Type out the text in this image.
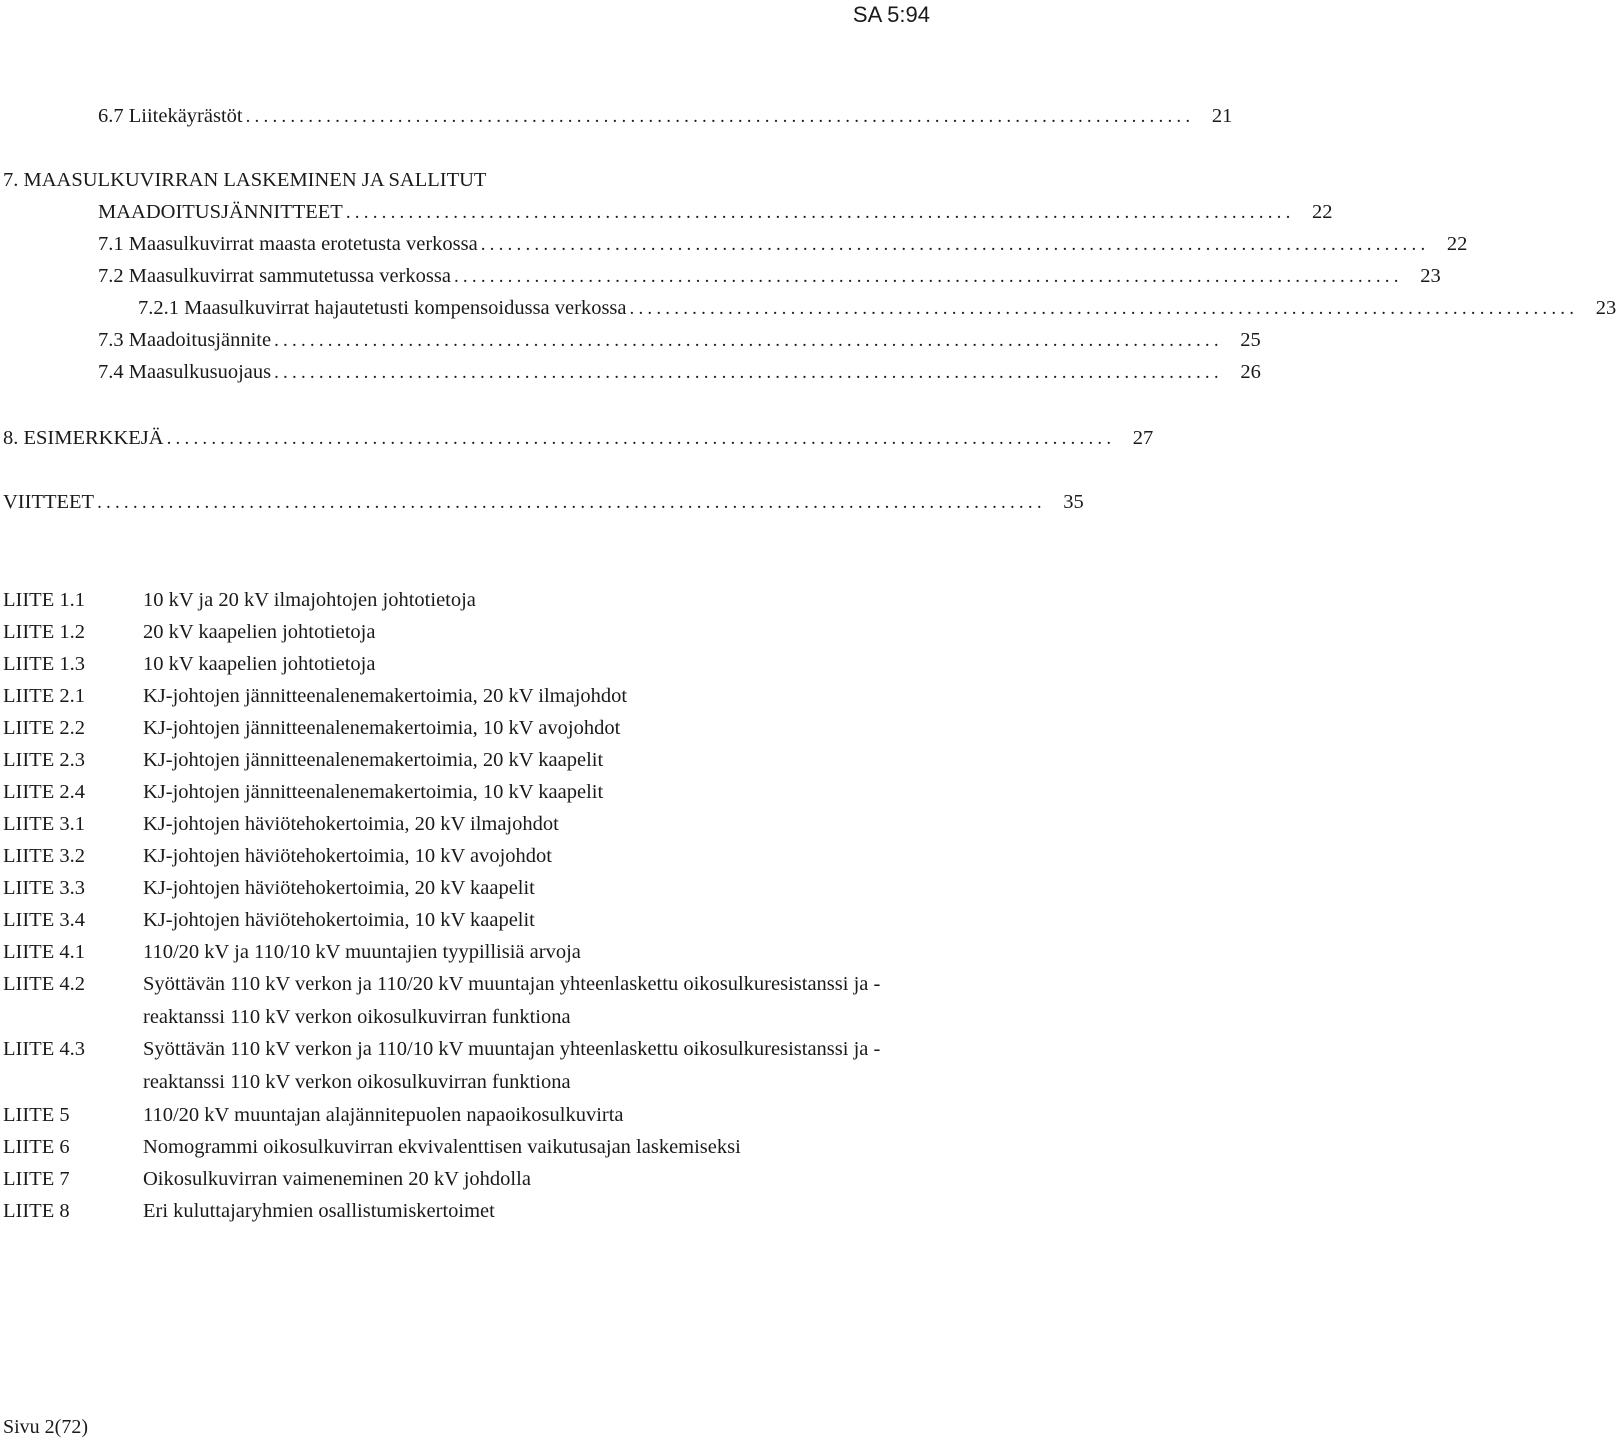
SA 5:94
6.7 Liitekäyrästöt .......................................................................................................... 21
7. MAASULKUVIRRAN LASKEMINEN JA SALLITUT
MAADOITUSJÄNNITTEET .......................................................................................................... 22
7.1 Maasulkuvirrat maasta erotetusta verkossa .......................................................................................................... 22
7.2 Maasulkuvirrat sammutetussa verkossa .......................................................................................................... 23
7.2.1 Maasulkuvirrat hajautetusti kompensoidussa verkossa .......................................................................................................... 23
7.3 Maadoitusjännite .......................................................................................................... 25
7.4 Maasulkusuojaus .......................................................................................................... 26
8. ESIMERKKEJÄ .......................................................................................................... 27
VIITTEET .......................................................................................................... 35
LIITE 1.1	10 kV ja 20 kV ilmajohtojen johtotietoja
LIITE 1.2	20 kV kaapelien johtotietoja
LIITE 1.3	10 kV kaapelien johtotietoja
LIITE 2.1	KJ-johtojen jännitteenalenemakertoimia, 20 kV ilmajohdot
LIITE 2.2	KJ-johtojen jännitteenalenemakertoimia, 10 kV avojohdot
LIITE 2.3	KJ-johtojen jännitteenalenemakertoimia, 20 kV kaapelit
LIITE 2.4	KJ-johtojen jännitteenalenemakertoimia, 10 kV kaapelit
LIITE 3.1	KJ-johtojen häviötehokertoimia, 20 kV ilmajohdot
LIITE 3.2	KJ-johtojen häviötehokertoimia, 10 kV avojohdot
LIITE 3.3	KJ-johtojen häviötehokertoimia, 20 kV kaapelit
LIITE 3.4	KJ-johtojen häviötehokertoimia, 10 kV kaapelit
LIITE 4.1	110/20 kV ja 110/10 kV muuntajien tyypillisiä arvoja
LIITE 4.2	Syöttävän 110 kV verkon ja 110/20 kV muuntajan yhteenlaskettu oikosulkuresistanssi ja -reaktanssi 110 kV verkon oikosulkuvirran funktiona
LIITE 4.3	Syöttävän 110 kV verkon ja 110/10 kV muuntajan yhteenlaskettu oikosulkuresistanssi ja -reaktanssi 110 kV verkon oikosulkuvirran funktiona
LIITE 5	110/20 kV muuntajan alajännitepuolen napaoikosulkuvirta
LIITE 6	Nomogrammi oikosulkuvirran ekvivalenttisen vaikutusajan laskemiseksi
LIITE 7	Oikosulkuvirran vaimeneminen 20 kV johdolla
LIITE 8	Eri kuluttajaryhmien osallistumiskertoimet
Sivu 2(72)
